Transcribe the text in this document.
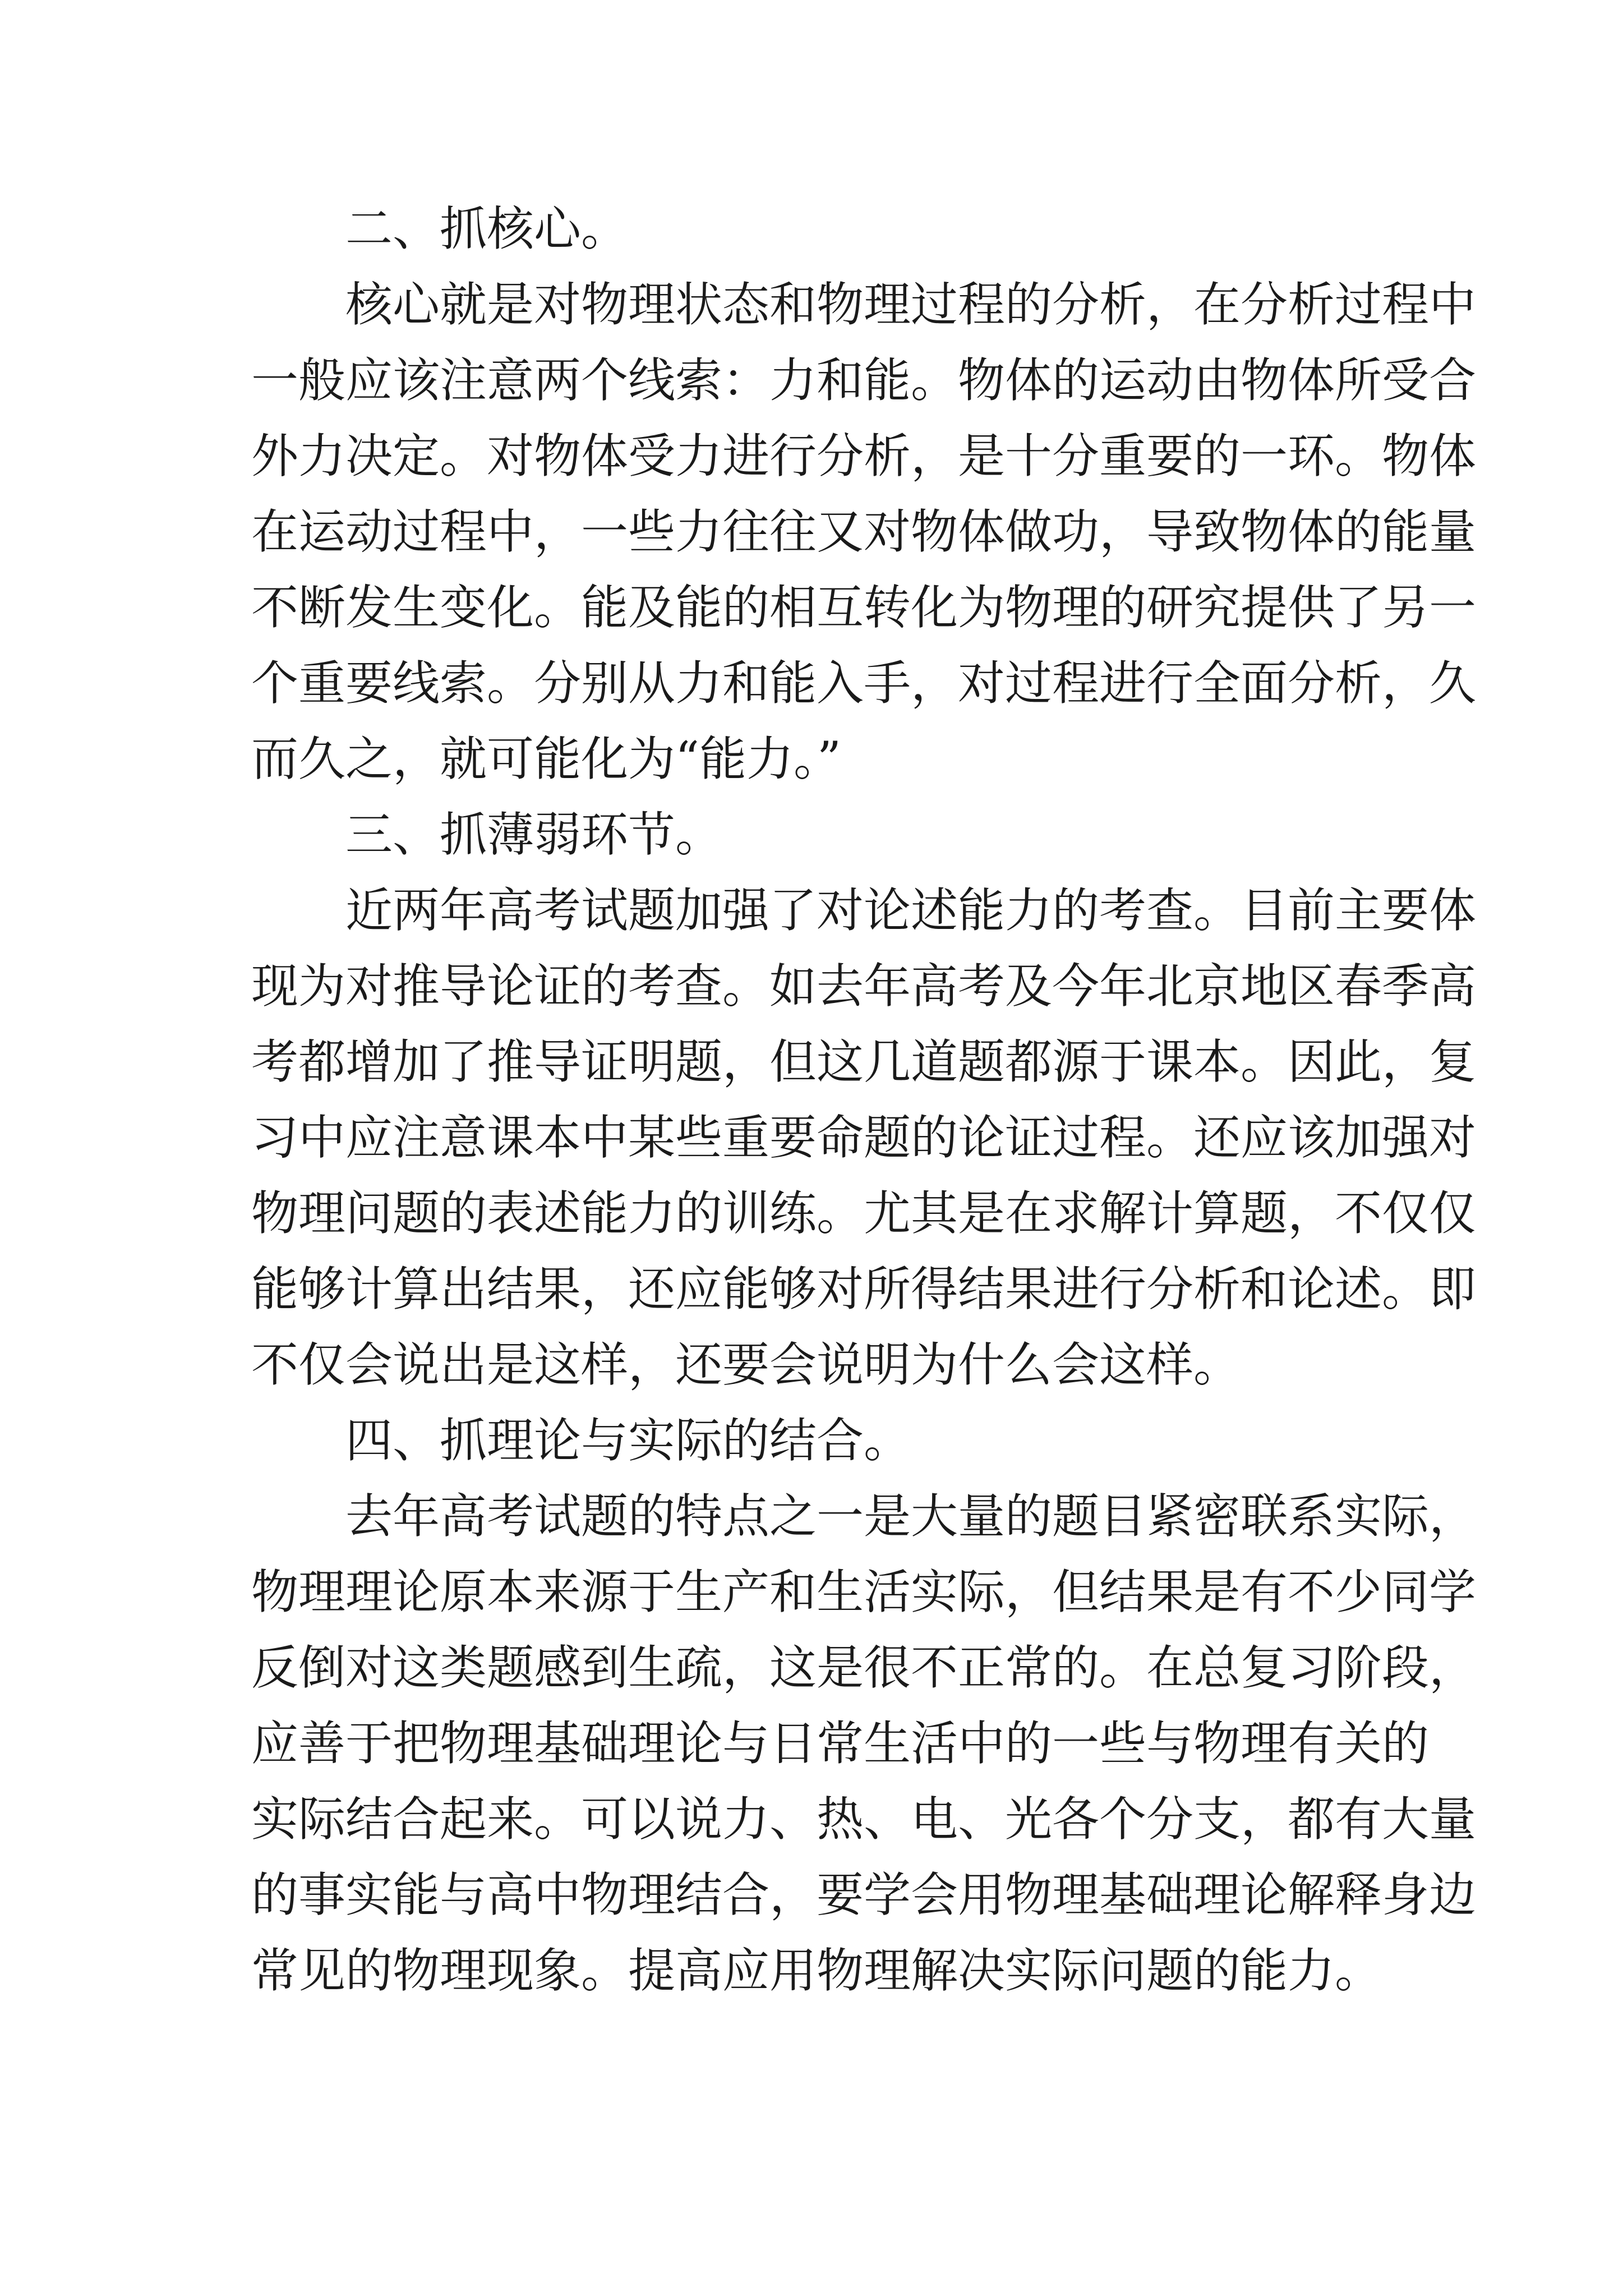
二、抓核心。
核心就是对物理状态和物理过程的分析，在分析过程中
一般应该注意两个线索：力和能。物体的运动由物体所受合
外力决定。对物体受力进行分析，是十分重要的一环。物体
在运动过程中，一些力往往又对物体做功，导致物体的能量
不断发生变化。能及能的相互转化为物理的研究提供了另一
个重要线索。分别从力和能入手，对过程进行全面分析，久
而久之，就可能化为“能力。”
三、抓薄弱环节。
近两年高考试题加强了对论述能力的考查。目前主要体
现为对推导论证的考查。如去年高考及今年北京地区春季高
考都增加了推导证明题，但这几道题都源于课本。因此，复
习中应注意课本中某些重要命题的论证过程。还应该加强对
物理问题的表述能力的训练。尤其是在求解计算题，不仅仅
能够计算出结果，还应能够对所得结果进行分析和论述。即
不仅会说出是这样，还要会说明为什么会这样。
四、抓理论与实际的结合。
去年高考试题的特点之一是大量的题目紧密联系实际，
物理理论原本来源于生产和生活实际，但结果是有不少同学
反倒对这类题感到生疏，这是很不正常的。在总复习阶段，
应善于把物理基础理论与日常生活中的一些与物理有关的
实际结合起来。可以说力、热、电、光各个分支，都有大量
的事实能与高中物理结合，要学会用物理基础理论解释身边
常见的物理现象。提高应用物理解决实际问题的能力。
